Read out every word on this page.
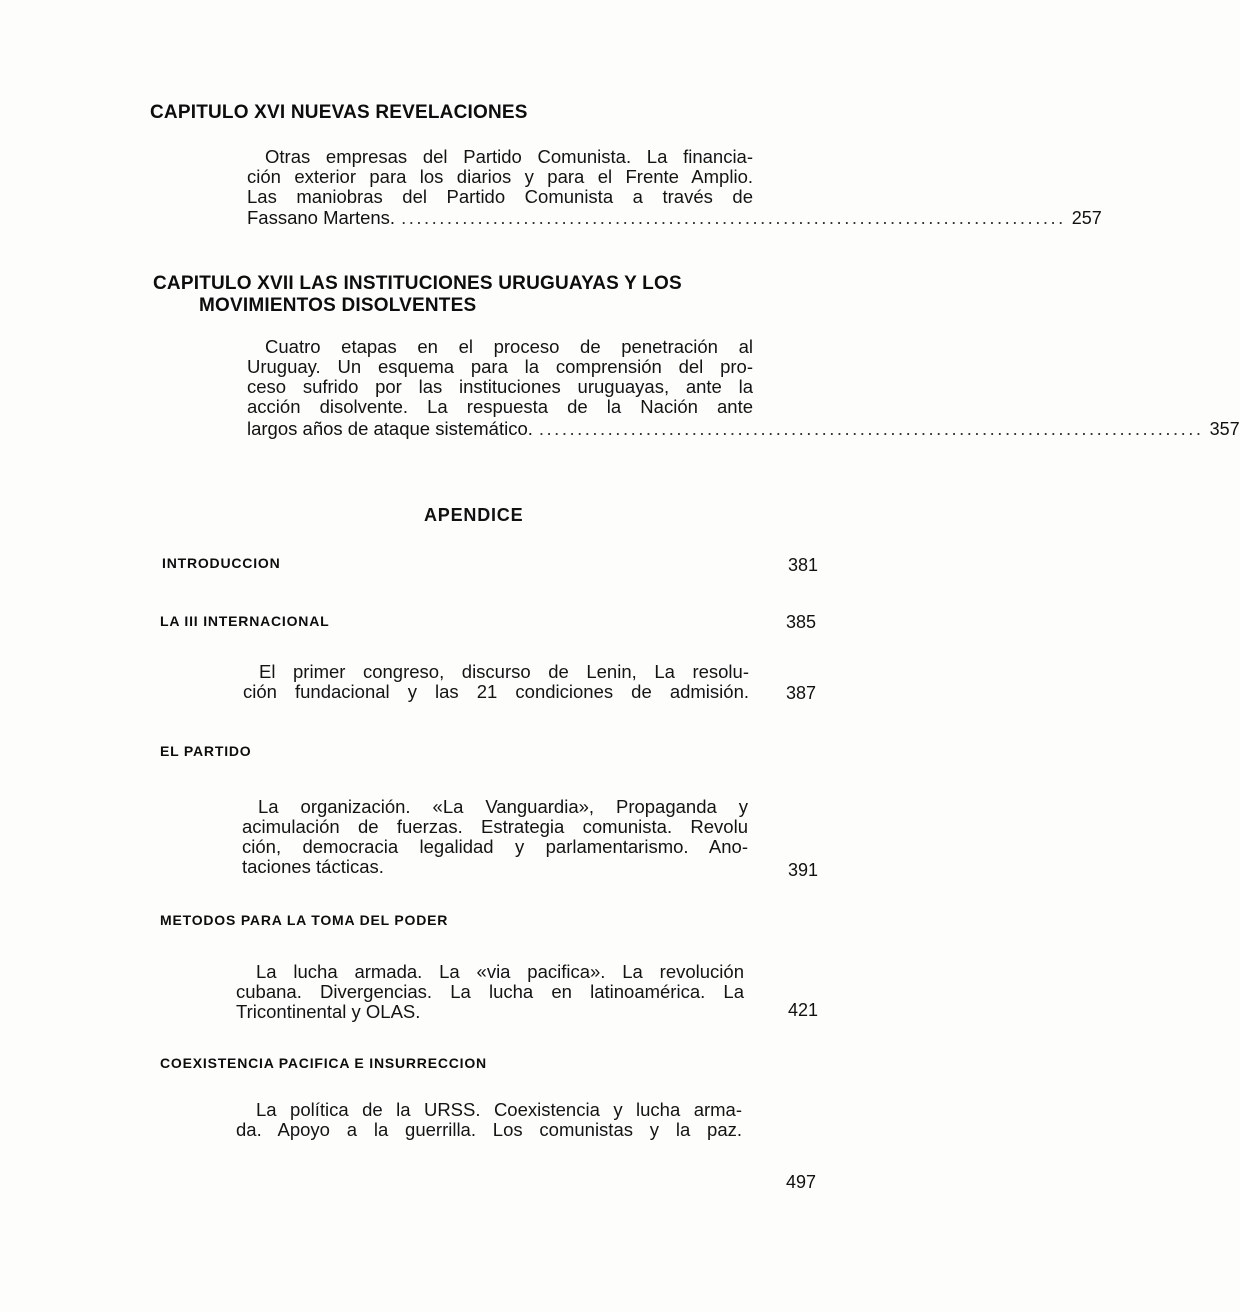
CAPITULO XVI NUEVAS REVELACIONES
Otras empresas del Partido Comunista. La financia-
ción exterior para los diarios y para el Frente Amplio.
Las maniobras del Partido Comunista a través de
Fassano Martens. ....................................................................................... 257
CAPITULO XVII LAS INSTITUCIONES URUGUAYAS Y LOS
MOVIMIENTOS DISOLVENTES
Cuatro etapas en el proceso de penetración al
Uruguay. Un esquema para la comprensión del pro-
ceso sufrido por las instituciones uruguayas, ante la
acción disolvente. La respuesta de la Nación ante
largos años de ataque sistemático. ....................................................................................... 357
APENDICE
INTRODUCCION	381
LA III INTERNACIONAL	385
El primer congreso, discurso de Lenin, La resolu-
ción fundacional y las 21 condiciones de admisión. 387
EL PARTIDO
La organización. «La Vanguardia», Propaganda y
acimulación de fuerzas. Estrategia comunista. Revolu
ción, democracia legalidad y parlamentarismo. Ano-
taciones tácticas.	391
METODOS PARA LA TOMA DEL PODER
La lucha armada. La «via pacifica». La revolución
cubana. Divergencias. La lucha en latinoamérica. La
Tricontinental y OLAS.	421
COEXISTENCIA PACIFICA E INSURRECCION
La política de la URSS. Coexistencia y lucha arma-
da. Apoyo a la guerrilla. Los comunistas y la paz.
497
